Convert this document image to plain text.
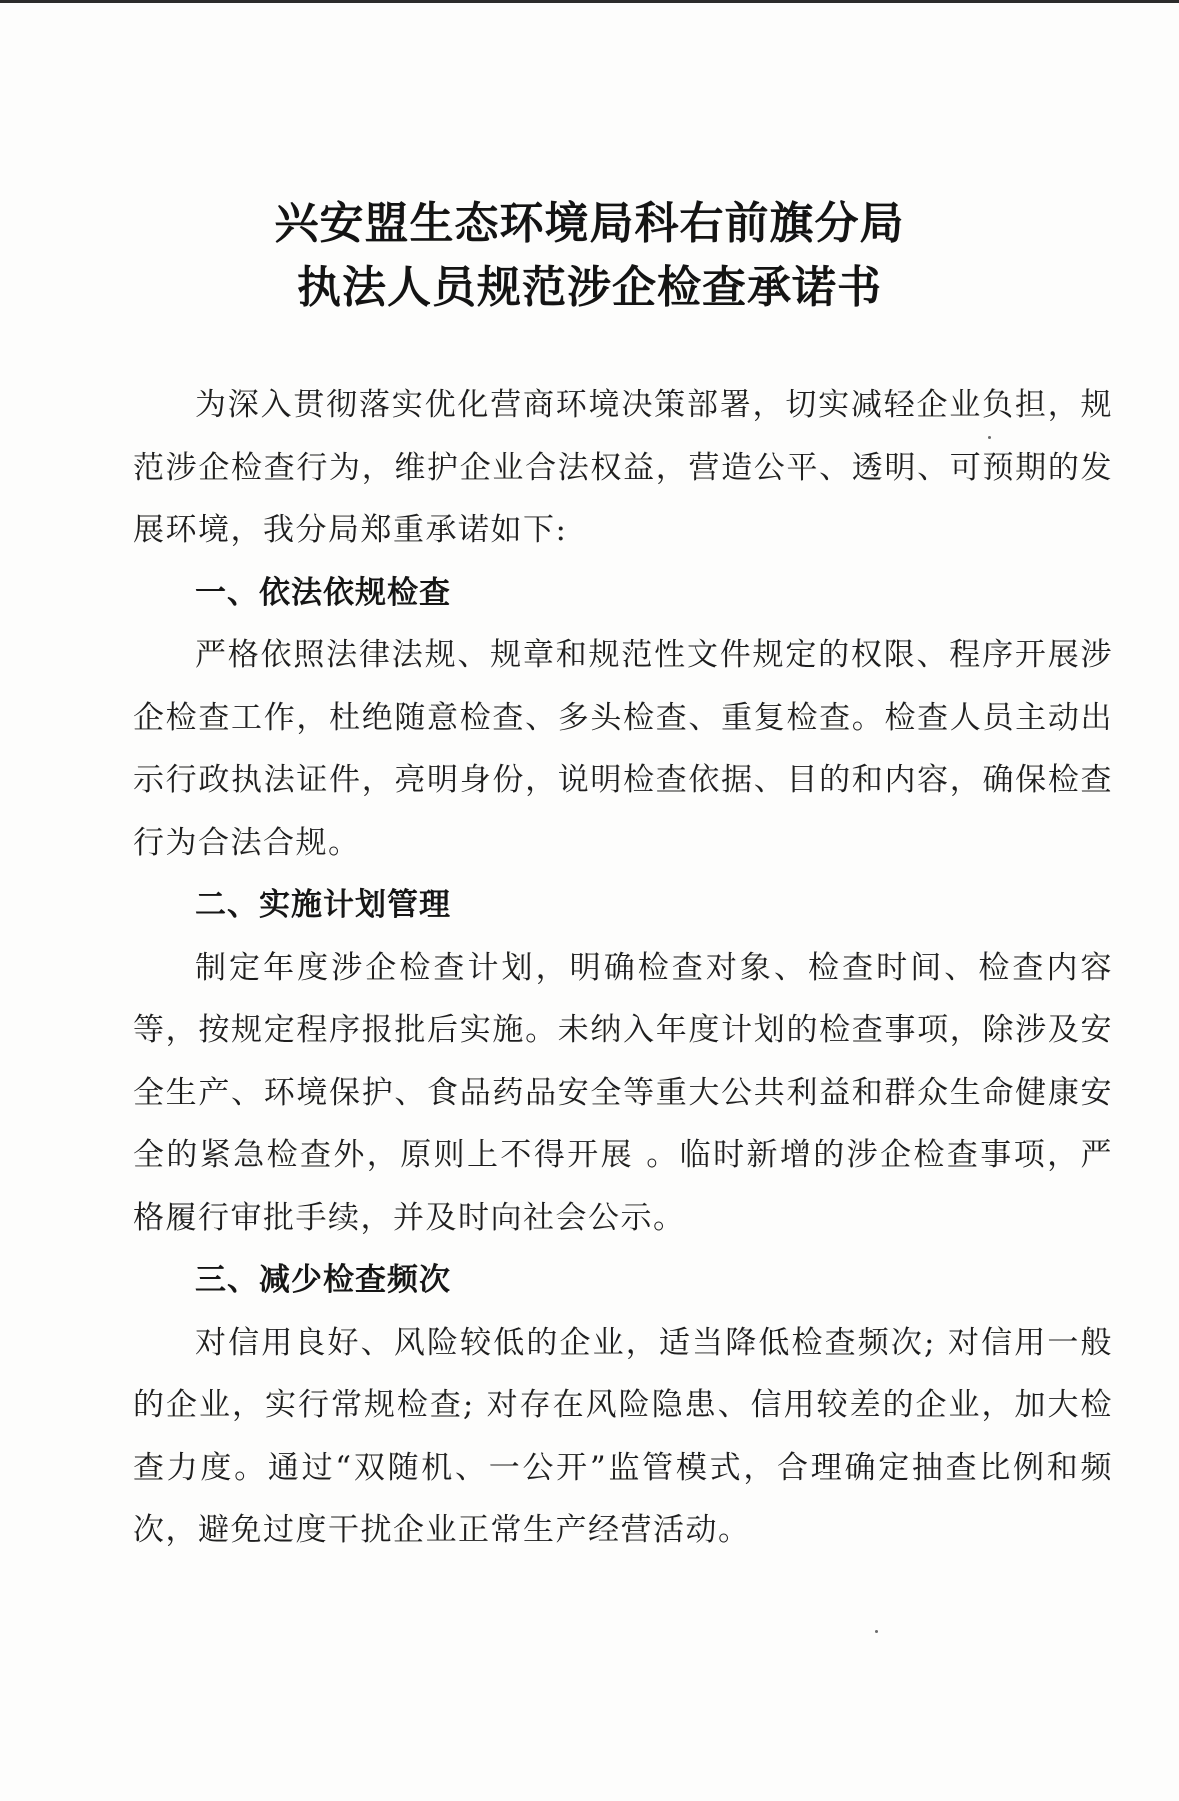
兴安盟生态环境局科右前旗分局
执法人员规范涉企检查承诺书

为深入贯彻落实优化营商环境决策部署，切实减轻企业负担，规范涉企检查行为，维护企业合法权益，营造公平、透明、可预期的发展环境，我分局郑重承诺如下:

一、依法依规检查

严格依照法律法规、规章和规范性文件规定的权限、程序开展涉企检查工作，杜绝随意检查、多头检查、重复检查。检查人员主动出示行政执法证件，亮明身份，说明检查依据、目的和内容，确保检查行为合法合规。

二、实施计划管理

制定年度涉企检查计划，明确检查对象、检查时间、检查内容等，按规定程序报批后实施。未纳入年度计划的检查事项，除涉及安全生产、环境保护、食品药品安全等重大公共利益和群众生命健康安全的紧急检查外，原则上不得开展 。临时新增的涉企检查事项，严格履行审批手续，并及时向社会公示。

三、减少检查频次

对信用良好、风险较低的企业，适当降低检查频次; 对信用一般的企业，实行常规检查; 对存在风险隐患、信用较差的企业，加大检查力度。通过“双随机、一公开”监管模式，合理确定抽查比例和频次，避免过度干扰企业正常生产经营活动。
